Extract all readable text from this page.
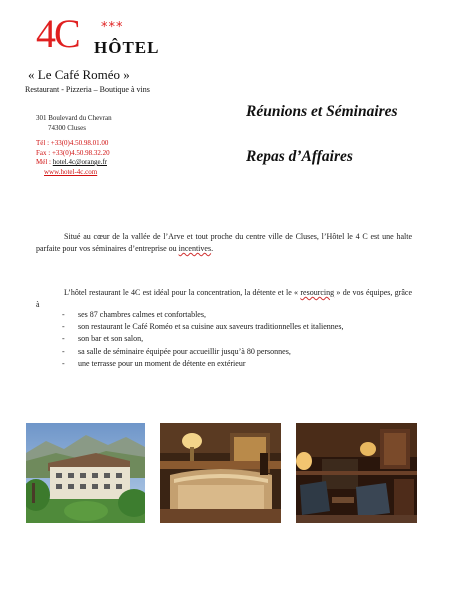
4C ***
HÔTEL
« Le Café Roméo »
Restaurant - Pizzeria – Boutique à vins
301 Boulevard du Chevran
74300 Cluses
Tél : +33(0)4.50.98.01.00
Fax : +33(0)4.50.98.32.20
Mél : hotel.4c@orange.fr
www.hotel-4c.com
Réunions et Séminaires
Repas d’Affaires
Situé au cœur de la vallée de l’Arve et tout proche du centre ville de Cluses, l’Hôtel le 4 C est une halte parfaite pour vos séminaires d’entreprise ou incentives.
L’hôtel restaurant le 4C est idéal pour la concentration, la détente et le « resourcing » de vos équipes, grâce à
- ses 87 chambres calmes et confortables,
- son restaurant le Café Roméo et sa cuisine aux saveurs traditionnelles et italiennes,
- son bar et son salon,
- sa salle de séminaire équipée pour accueillir jusqu’à 80 personnes,
- une terrasse pour un moment de détente en extérieur
